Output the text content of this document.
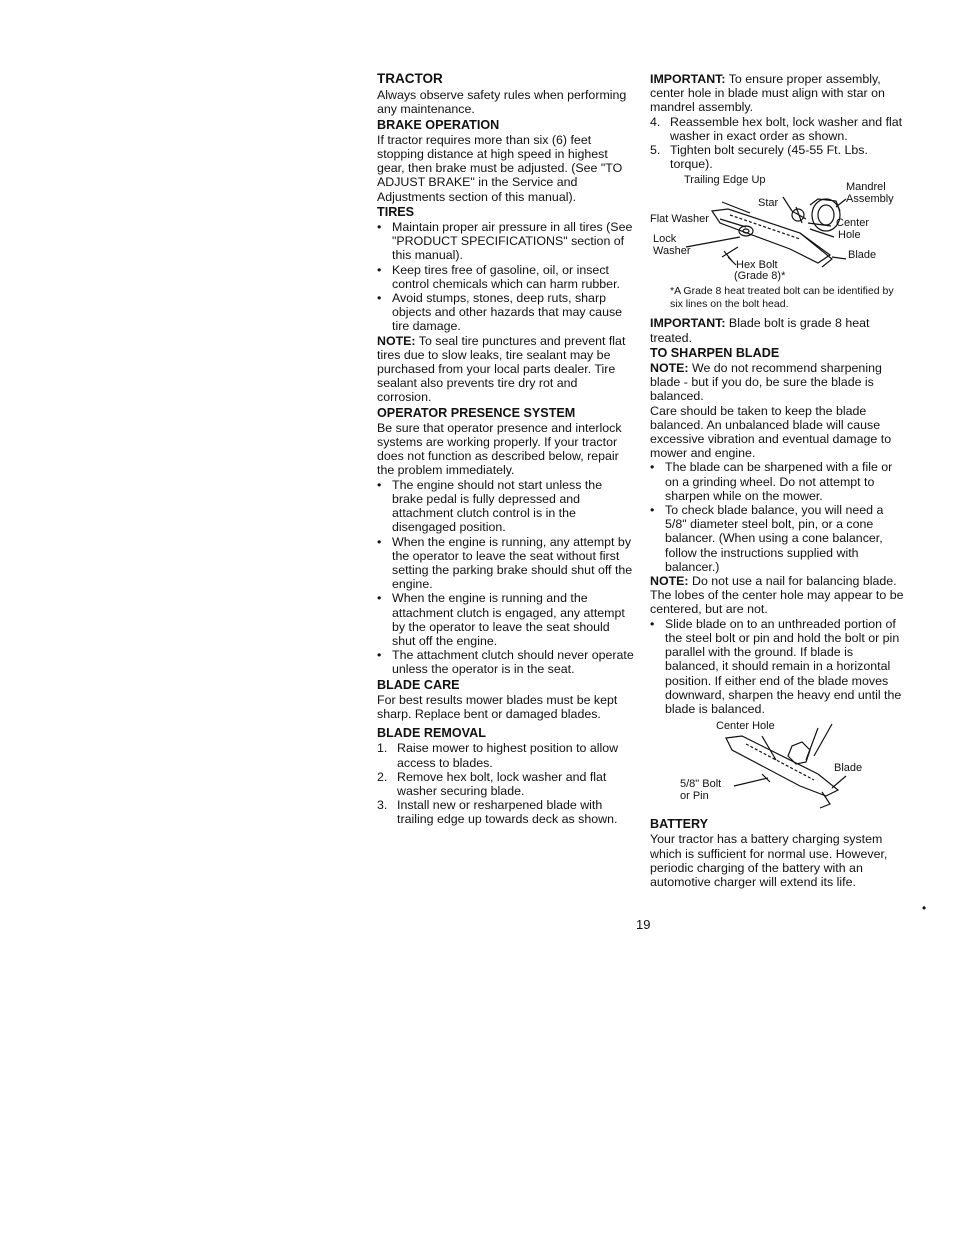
TRACTOR

Always observe safety rules when performing any maintenance.

BRAKE OPERATION

If tractor requires more than six (6) feet stopping distance at high speed in highest gear, then brake must be adjusted. (See "TO ADJUST BRAKE" in the Service and Adjustments section of this manual).

TIRES
• Maintain proper air pressure in all tires (See "PRODUCT SPECIFICATIONS" section of this manual).
• Keep tires free of gasoline, oil, or insect control chemicals which can harm rubber.
• Avoid stumps, stones, deep ruts, sharp objects and other hazards that may cause tire damage.

NOTE: To seal tire punctures and prevent flat tires due to slow leaks, tire sealant may be purchased from your local parts dealer. Tire sealant also prevents tire dry rot and corrosion.

OPERATOR PRESENCE SYSTEM

Be sure that operator presence and interlock systems are working properly. If your tractor does not function as described below, repair the problem immediately.

• The engine should not start unless the brake pedal is fully depressed and attachment clutch control is in the disengaged position.
• When the engine is running, any attempt by the operator to leave the seat without first setting the parking brake should shut off the engine.
• When the engine is running and the attachment clutch is engaged, any attempt by the operator to leave the seat should shut off the engine.
• The attachment clutch should never operate unless the operator is in the seat.
BLADE CARE

For best results mower blades must be kept sharp. Replace bent or damaged blades.

BLADE REMOVAL
1. Raise mower to highest position to allow access to blades.
2. Remove hex bolt, lock washer and flat washer securing blade.
3. Install new or resharpened blade with trailing edge up towards deck as shown.

IMPORTANT: To ensure proper assembly, center hole in blade must align with star on mandrel assembly.

4. Reassemble hex bolt, lock washer and flat washer in exact order as shown.
5. Tighten bolt securely (45-55 Ft. Lbs. torque).
Trailing Edge Up
Star
Mandrel
Assembly
Flat Washer	Center
Hole
Lock
Washer	Blade
Hex Bolt
(Grade 8)*

*A Grade 8 heat treated bolt can be identified by six lines on the bolt head.

IMPORTANT: Blade bolt is grade 8 heat treated.

TO SHARPEN BLADE

NOTE: We do not recommend sharpening blade - but if you do, be sure the blade is balanced.

Care should be taken to keep the blade balanced. An unbalanced blade will cause excessive vibration and eventual damage to mower and engine.

• The blade can be sharpened with a file or on a grinding wheel. Do not attempt to sharpen while on the mower.
• To check blade balance, you will need a 5/8" diameter steel bolt, pin, or a cone balancer. (When using a cone balancer, follow the instructions supplied with balancer.)

NOTE: Do not use a nail for balancing blade. The lobes of the center hole may appear to be centered, but are not.

• Slide blade on to an unthreaded portion of the steel bolt or pin and hold the bolt or pin parallel with the ground. If blade is balanced, it should remain in a horizontal position. If either end of the blade moves downward, sharpen the heavy end until the blade is balanced.
Center Hole
Blade
5/8" Bolt
or Pin
BATTERY

Your tractor has a battery charging system which is sufficient for normal use. However, periodic charging of the battery with an automotive charger will extend its life.

19
•
